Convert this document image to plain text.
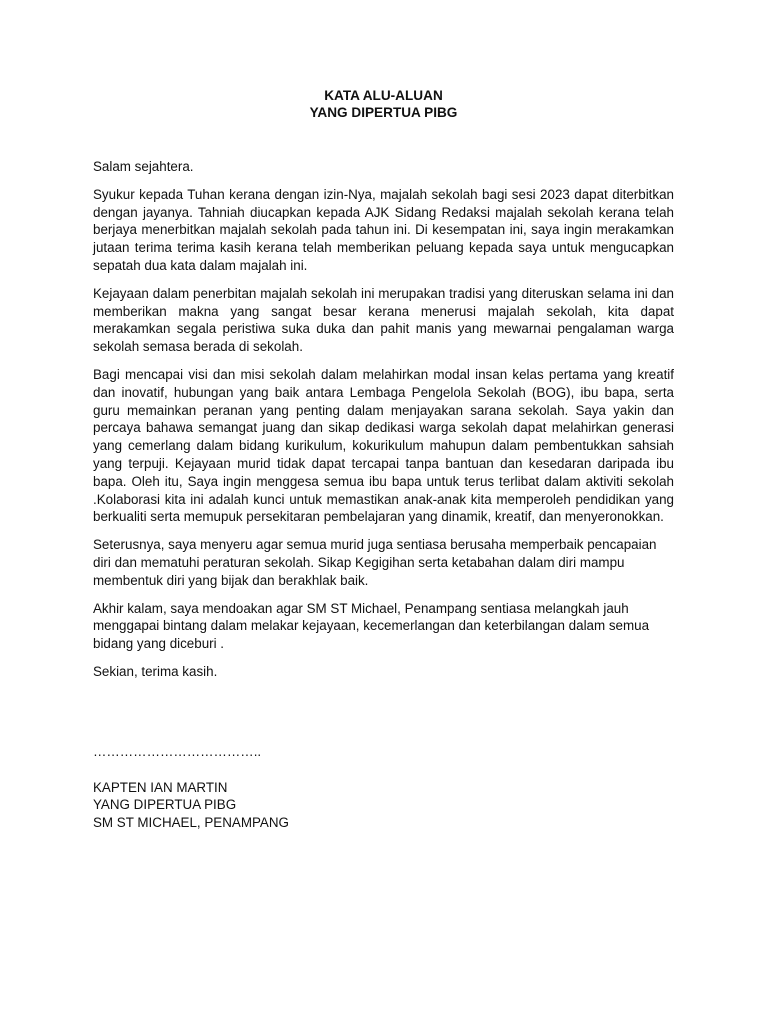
KATA ALU-ALUAN

YANG DIPERTUA PIBG

Salam sejahtera.

Syukur kepada Tuhan kerana dengan izin-Nya, majalah sekolah bagi sesi 2023 dapat diterbitkan dengan jayanya. Tahniah diucapkan kepada AJK Sidang Redaksi majalah sekolah kerana telah berjaya menerbitkan majalah sekolah pada tahun ini. Di kesempatan ini, saya ingin merakamkan jutaan terima terima kasih kerana telah memberikan peluang kepada saya untuk mengucapkan sepatah dua kata dalam majalah ini.

Kejayaan dalam penerbitan majalah sekolah ini merupakan tradisi yang diteruskan selama ini dan memberikan makna yang sangat besar kerana menerusi majalah sekolah, kita dapat merakamkan segala peristiwa suka duka dan pahit manis yang mewarnai pengalaman warga sekolah semasa berada di sekolah.

Bagi mencapai visi dan misi sekolah dalam melahirkan modal insan kelas pertama yang kreatif dan inovatif, hubungan yang baik antara Lembaga Pengelola Sekolah (BOG), ibu bapa, serta guru memainkan peranan yang penting dalam menjayakan sarana sekolah. Saya yakin dan percaya bahawa semangat juang dan sikap dedikasi warga sekolah dapat melahirkan generasi yang cemerlang dalam bidang kurikulum, kokurikulum mahupun dalam pembentukkan sahsiah yang terpuji. Kejayaan murid tidak dapat tercapai tanpa bantuan dan kesedaran daripada ibu bapa. Oleh itu, Saya ingin menggesa semua ibu bapa untuk terus terlibat dalam aktiviti sekolah .Kolaborasi kita ini adalah kunci untuk memastikan anak-anak kita memperoleh pendidikan yang berkualiti serta memupuk persekitaran pembelajaran yang dinamik, kreatif, dan menyeronokkan.

Seterusnya, saya menyeru agar semua murid juga sentiasa berusaha memperbaik pencapaian diri dan mematuhi peraturan sekolah. Sikap Kegigihan serta ketabahan dalam diri mampu membentuk diri yang bijak dan berakhlak baik.

Akhir kalam, saya mendoakan agar SM ST Michael, Penampang sentiasa melangkah jauh menggapai bintang dalam melakar kejayaan, kecemerlangan dan keterbilangan dalam semua bidang yang diceburi .

Sekian, terima kasih.

………………………………..

KAPTEN IAN MARTIN

YANG DIPERTUA PIBG

SM ST MICHAEL, PENAMPANG
